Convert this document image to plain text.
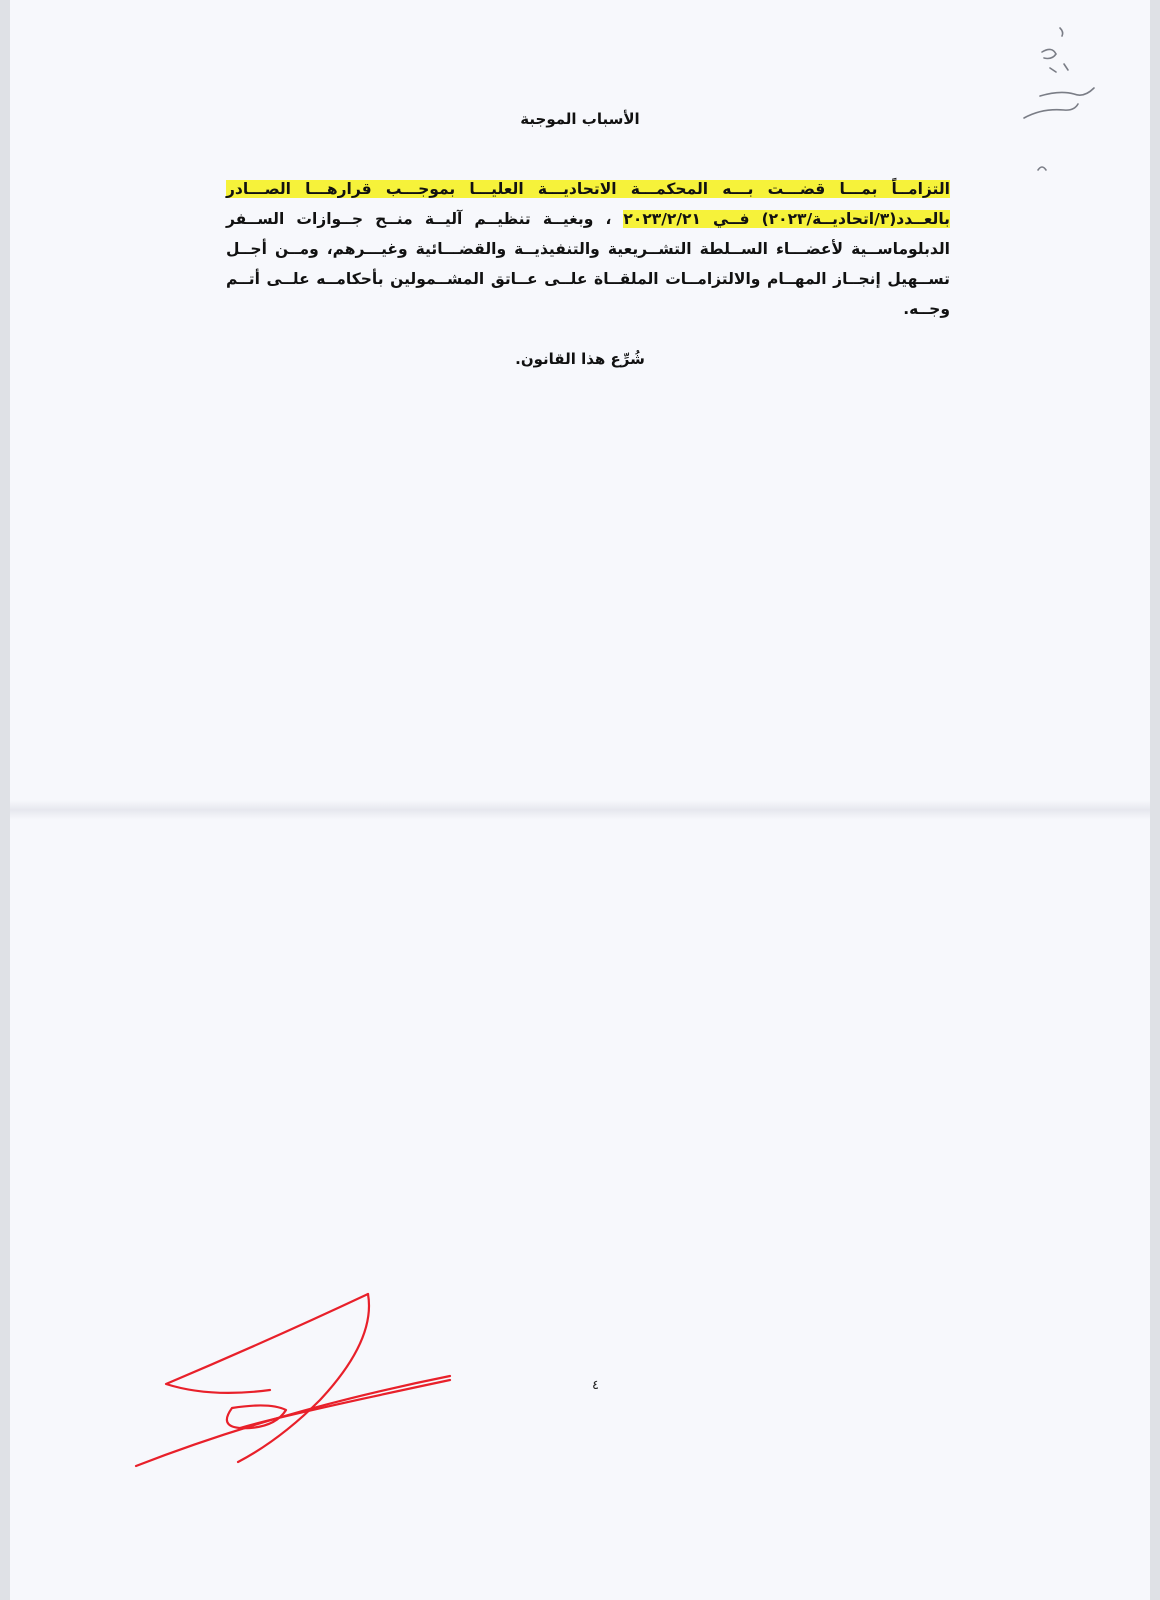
الأسباب الموجبة

التزامــاً بمـــا قضـــت بـــه المحكمـــة الاتحاديـــة العليـــا بموجـــب قرارهـــا الصـــادر بالعــدد(٣/اتحاديــة/٢٠٢٣) فــي ٢٠٢٣/٢/٢١ ، وبغيــة تنظيــم آليــة منــح جــوازات الســفر الدبلوماســية لأعضـــاء الســلطة التشــريعية والتنفيذيــة والقضـــائية وغيـــرهم، ومــن أجــل تســهيل إنجــاز المهــام والالتزامــات الملقــاة علــى عــاتق المشــمولين بأحكامــه علــى أتــم وجــه.

شُرِّع هذا القانون.
٤
